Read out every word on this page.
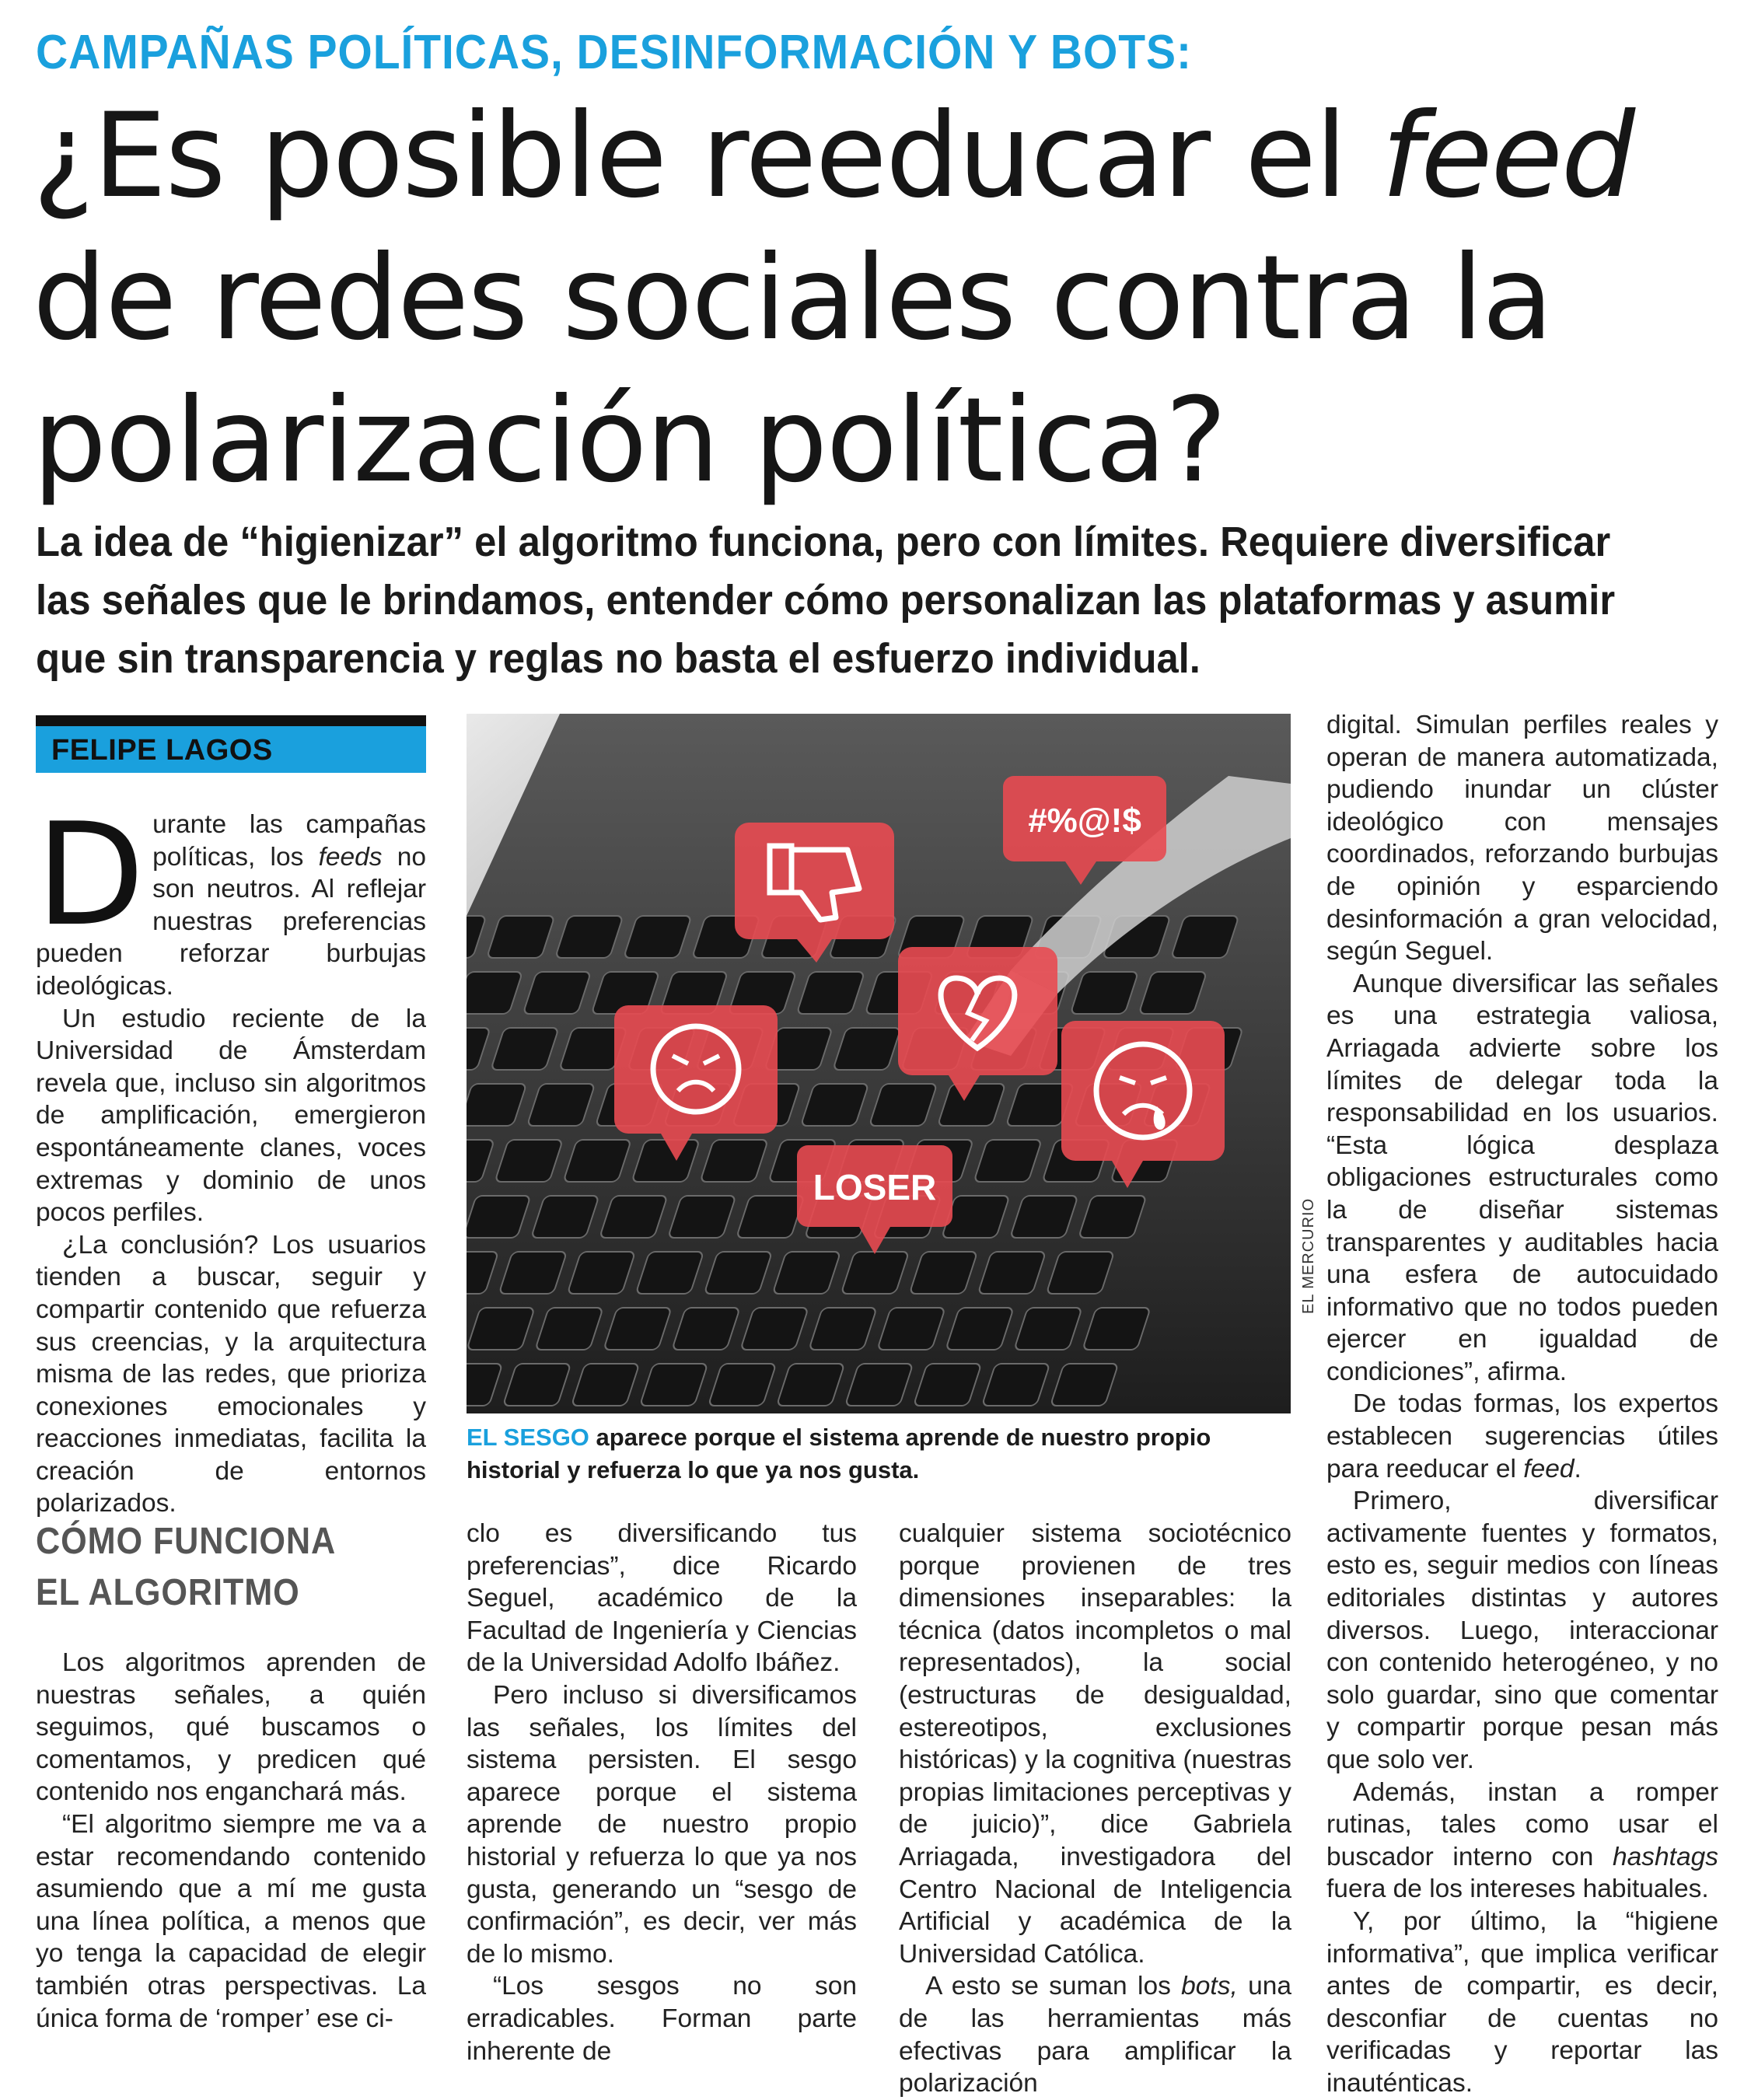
CAMPAÑAS POLÍTICAS, DESINFORMACIÓN Y BOTS:
¿Es posible reeducar el feed
de redes sociales contra la
polarización política?
La idea de “higienizar” el algoritmo funciona, pero con límites. Requiere diversificar las señales que le brindamos, entender cómo personalizan las plataformas y asumir que sin transparencia y reglas no basta el esfuerzo individual.
FELIPE LAGOS

Durante las campañas políticas, los feeds no son neutros. Al reflejar nuestras preferencias pueden reforzar burbujas ideológicas.

Un estudio reciente de la Universidad de Ámsterdam revela que, incluso sin algoritmos de amplificación, emergieron espontáneamente clanes, voces extremas y dominio de unos pocos perfiles.

¿La conclusión? Los usuarios tienden a buscar, seguir y compartir contenido que refuerza sus creencias, y la arquitectura misma de las redes, que prioriza conexiones emocionales y reacciones inmediatas, facilita la creación de entornos polarizados.

CÓMO FUNCIONA EL ALGORITMO

Los algoritmos aprenden de nuestras señales, a quién seguimos, qué buscamos o comentamos, y predicen qué contenido nos enganchará más.

“El algoritmo siempre me va a estar recomendando contenido asumiendo que a mí me gusta una línea política, a menos que yo tenga la capacidad de elegir también otras perspectivas. La única forma de ‘romper’ ese ci-

#%@!$
LOSER
EL MERCURIO
EL SESGO aparece porque el sistema aprende de nuestro propio historial y refuerza lo que ya nos gusta.

clo es diversificando tus preferencias”, dice Ricardo Seguel, académico de la Facultad de Ingeniería y Ciencias de la Universidad Adolfo Ibáñez.

Pero incluso si diversificamos las señales, los límites del sistema persisten. El sesgo aparece porque el sistema aprende de nuestro propio historial y refuerza lo que ya nos gusta, generando un “sesgo de confirmación”, es decir, ver más de lo mismo.

“Los sesgos no son erradicables. Forman parte inherente de

cualquier sistema sociotécnico porque provienen de tres dimensiones inseparables: la técnica (datos incompletos o mal representados), la social (estructuras de desigualdad, estereotipos, exclusiones históricas) y la cognitiva (nuestras propias limitaciones perceptivas y de juicio)”, dice Gabriela Arriagada, investigadora del Centro Nacional de Inteligencia Artificial y académica de la Universidad Católica.

A esto se suman los bots, una de las herramientas más efectivas para amplificar la polarización

digital. Simulan perfiles reales y operan de manera automatizada, pudiendo inundar un clúster ideológico con mensajes coordinados, reforzando burbujas de opinión y esparciendo desinformación a gran velocidad, según Seguel.

Aunque diversificar las señales es una estrategia valiosa, Arriagada advierte sobre los límites de delegar toda la responsabilidad en los usuarios. “Esta lógica desplaza obligaciones estructurales como la de diseñar sistemas transparentes y auditables hacia una esfera de autocuidado informativo que no todos pueden ejercer en igualdad de condiciones”, afirma.

De todas formas, los expertos establecen sugerencias útiles para reeducar el feed.

Primero, diversificar activamente fuentes y formatos, esto es, seguir medios con líneas editoriales distintas y autores diversos. Luego, interaccionar con contenido heterogéneo, y no solo guardar, sino que comentar y compartir porque pesan más que solo ver.

Además, instan a romper rutinas, tales como usar el buscador interno con hashtags fuera de los intereses habituales.

Y, por último, la “higiene informativa”, que implica verificar antes de compartir, es decir, desconfiar de cuentas no verificadas y reportar las inauténticas.
